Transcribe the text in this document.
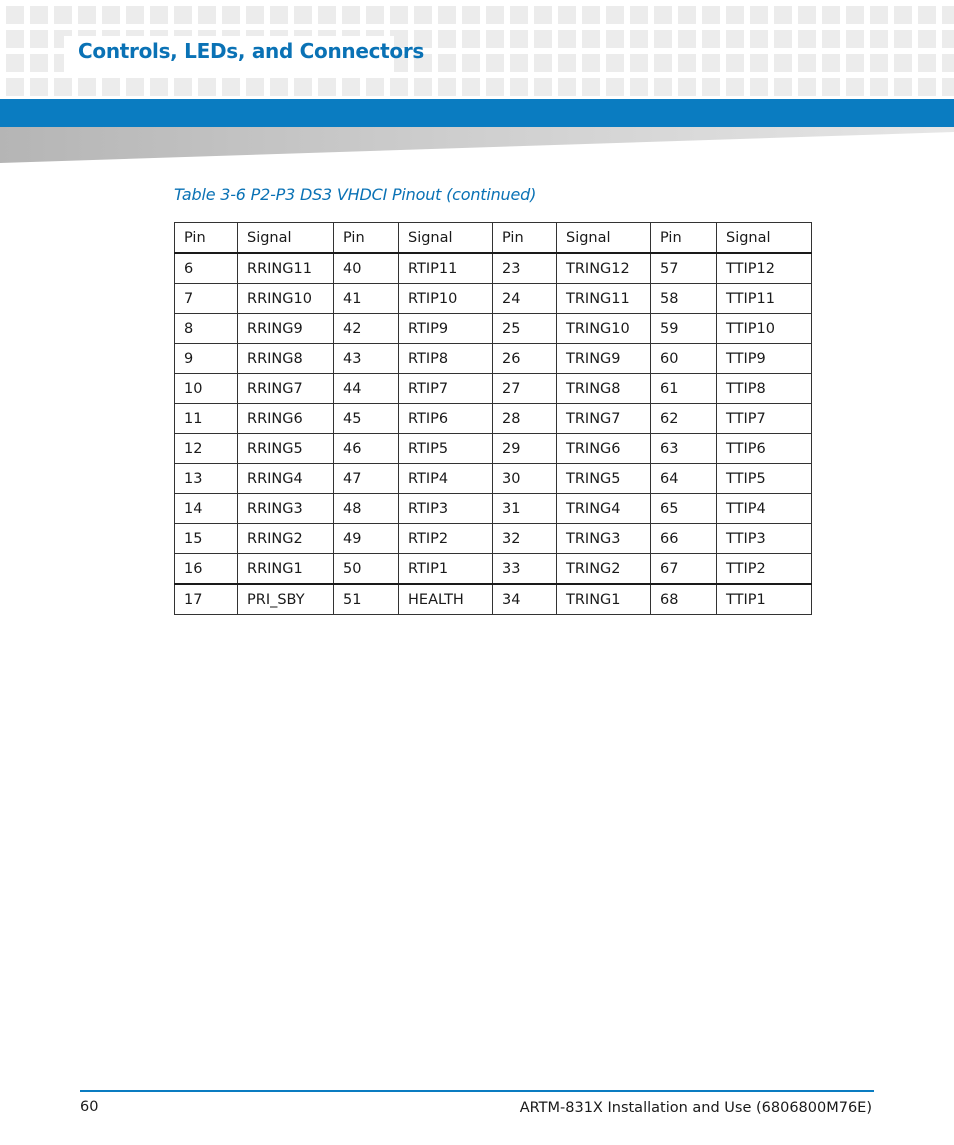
Controls, LEDs, and Connectors
Table 3-6 P2-P3 DS3 VHDCI Pinout (continued)
Pin	Signal	Pin	Signal	Pin	Signal	Pin	Signal
6	RRING11	40	RTIP11	23	TRING12	57	TTIP12
7	RRING10	41	RTIP10	24	TRING11	58	TTIP11
8	RRING9	42	RTIP9	25	TRING10	59	TTIP10
9	RRING8	43	RTIP8	26	TRING9	60	TTIP9
10	RRING7	44	RTIP7	27	TRING8	61	TTIP8
11	RRING6	45	RTIP6	28	TRING7	62	TTIP7
12	RRING5	46	RTIP5	29	TRING6	63	TTIP6
13	RRING4	47	RTIP4	30	TRING5	64	TTIP5
14	RRING3	48	RTIP3	31	TRING4	65	TTIP4
15	RRING2	49	RTIP2	32	TRING3	66	TTIP3
16	RRING1	50	RTIP1	33	TRING2	67	TTIP2
17	PRI_SBY	51	HEALTH	34	TRING1	68	TTIP1
60	ARTM-831X Installation and Use (6806800M76E)
